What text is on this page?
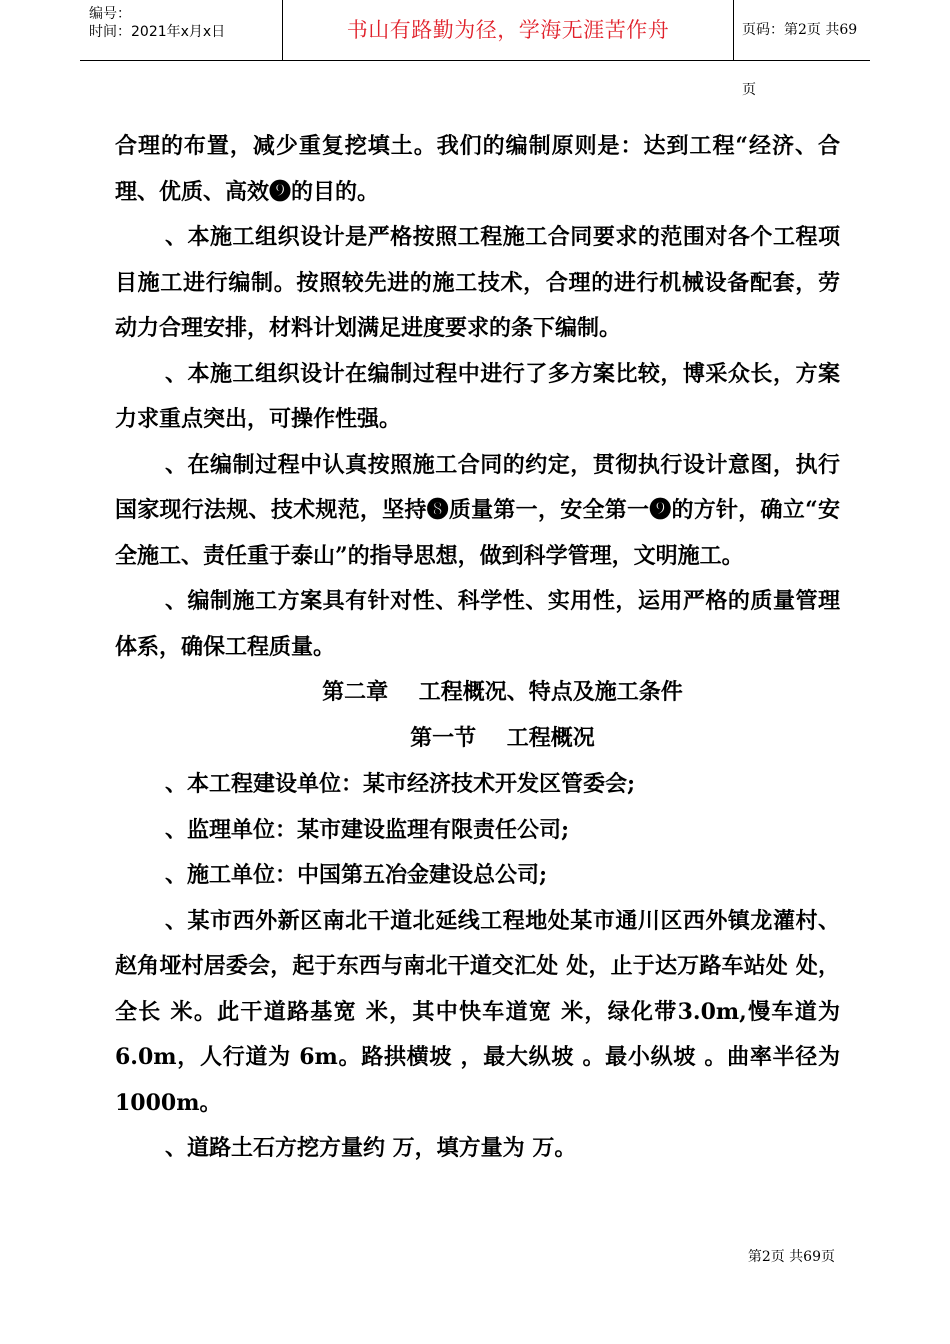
编号：
时间：2021年x月x日	书山有路勤为径，学海无涯苦作舟	页码：第2页 共69页

合理的布置，减少重复挖填土。我们的编制原则是：达到工程“经济、合理、优质、高效❾的目的。

、本施工组织设计是严格按照工程施工合同要求的范围对各个工程项目施工进行编制。按照较先进的施工技术，合理的进行机械设备配套，劳动力合理安排，材料计划满足进度要求的条下编制。

、本施工组织设计在编制过程中进行了多方案比较，博采众长，方案力求重点突出，可操作性强。

、在编制过程中认真按照施工合同的约定，贯彻执行设计意图，执行国家现行法规、技术规范，坚持❽质量第一，安全第一❾的方针，确立“安全施工、责任重于泰山”的指导思想，做到科学管理，文明施工。

、编制施工方案具有针对性、科学性、实用性，运用严格的质量管理体系，确保工程质量。

第二章    工程概况、特点及施工条件
第一节    工程概况

、本工程建设单位：某市经济技术开发区管委会;

、监理单位：某市建设监理有限责任公司;

、施工单位：中国第五冶金建设总公司;

、某市西外新区南北干道北延线工程地处某市通川区西外镇龙灌村、赵角垭村居委会，起于东西与南北干道交汇处 处，止于达万路车站处 处，全长 米。此干道路基宽 米，其中快车道宽 米，绿化带3.0m,慢车道为6.0m，人行道为 6m。路拱横坡 ，最大纵坡 。最小纵坡 。曲率半径为1000m。

、道路土石方挖方量约 万，填方量为 万。

第2页 共69页
